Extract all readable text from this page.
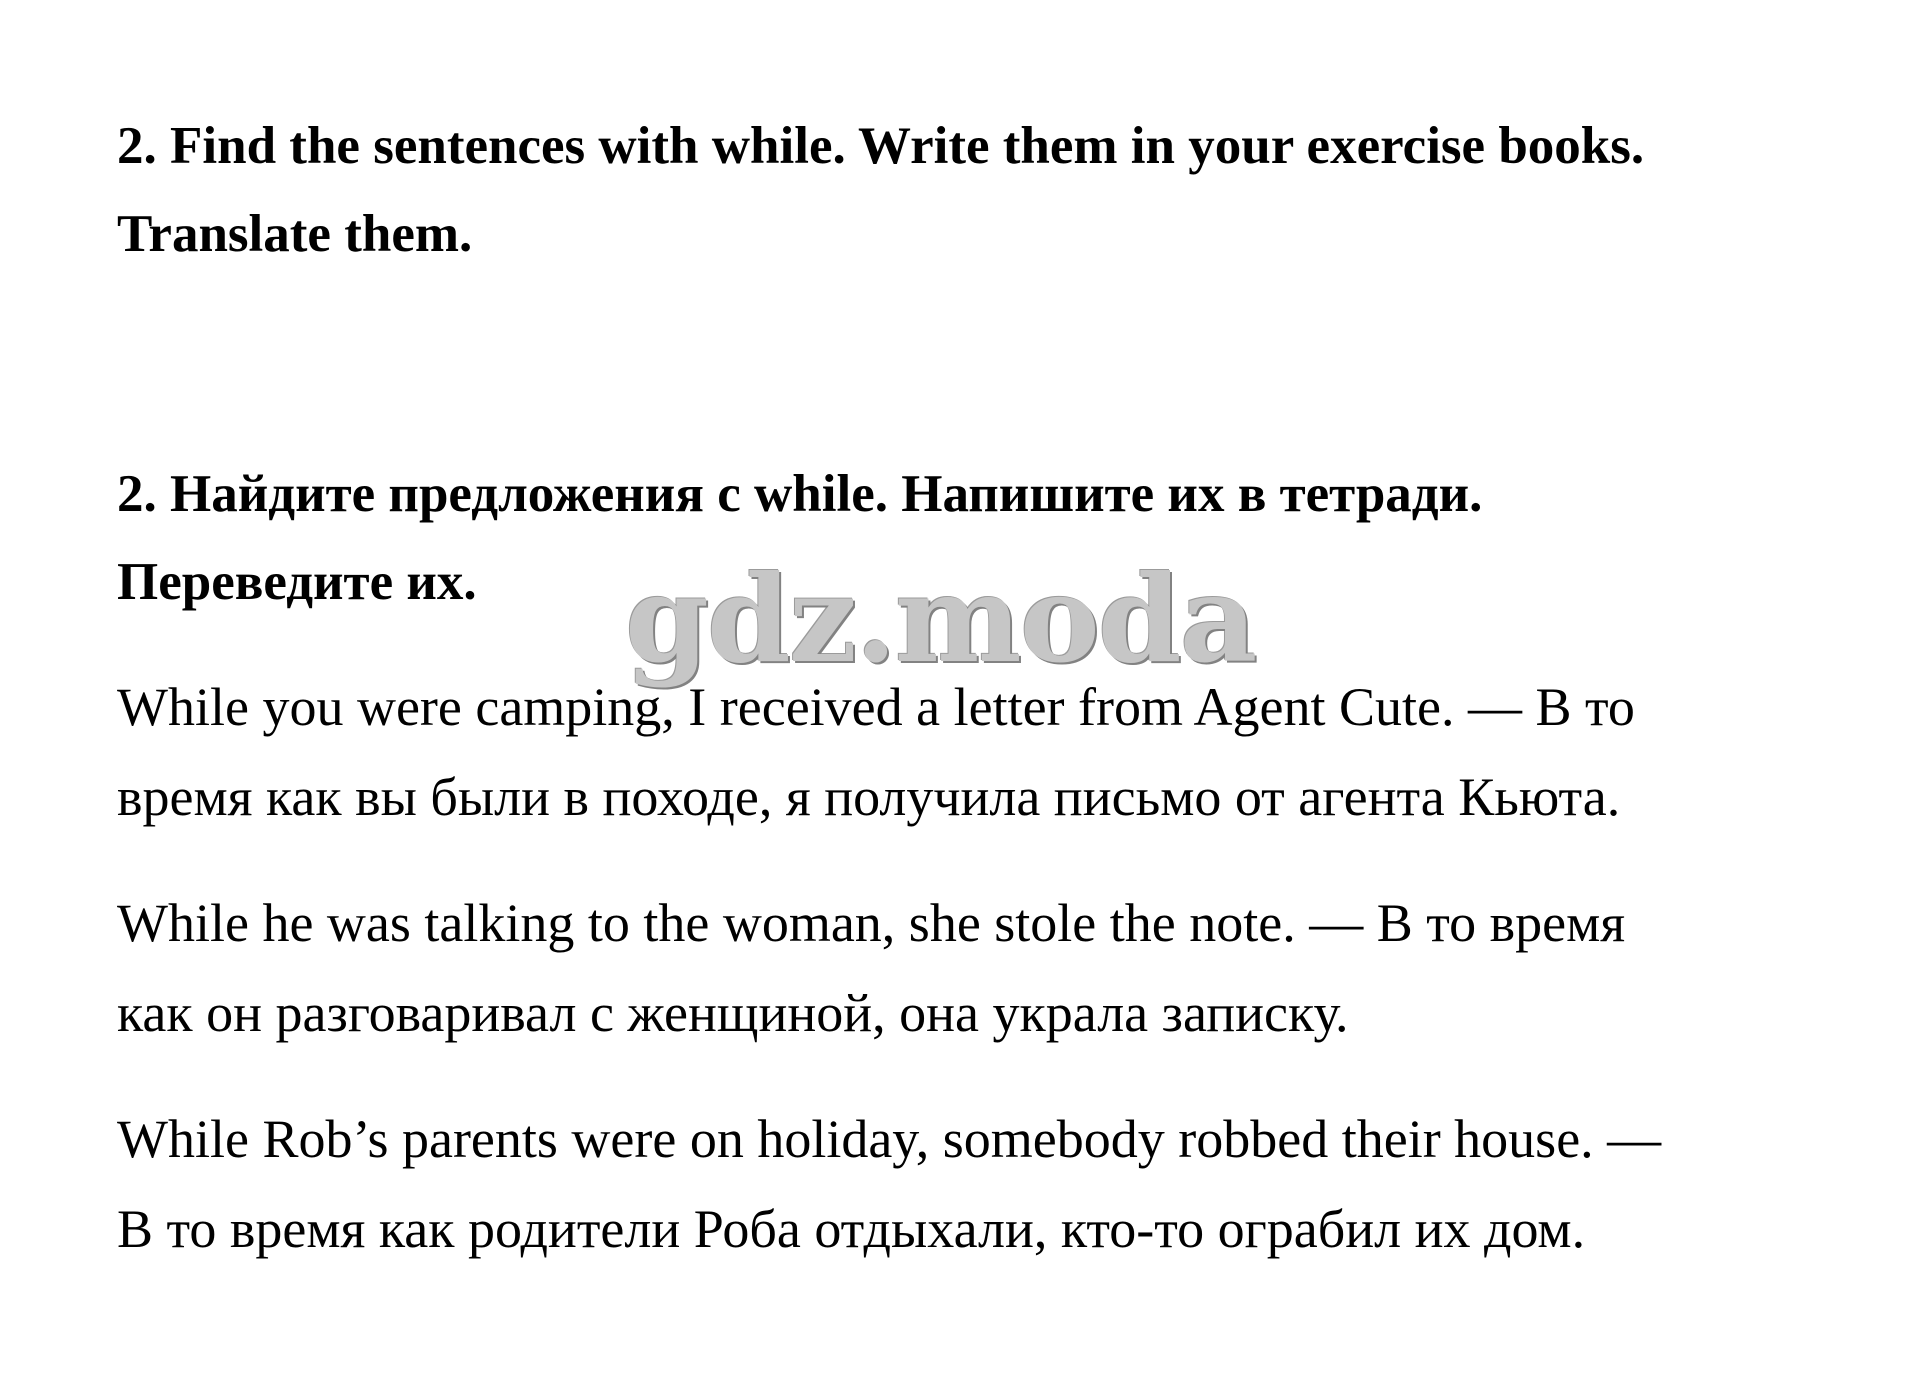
2. Find the sentences with while. Write them in your exercise books.
Translate them.
2. Найдите предложения с while. Напишите их в тетради.
Переведите их.	gdz.moda

While you were camping, I received a letter from Agent Cute. — В то
время как вы были в походе, я получила письмо от агента Кьюта.

While he was talking to the woman, she stole the note. — В то время
как он разговаривал с женщиной, она украла записку.

While Rob’s parents were on holiday, somebody robbed their house. —
В то время как родители Роба отдыхали, кто-то ограбил их дом.
